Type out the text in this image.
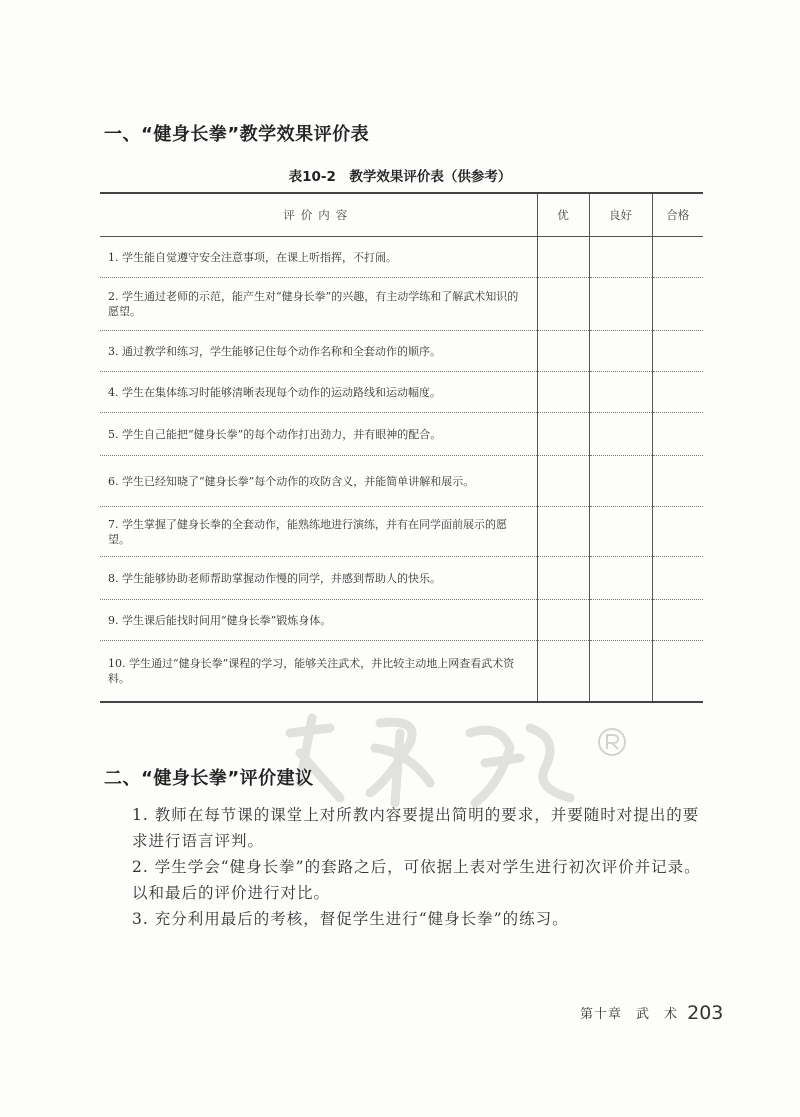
一、“健身长拳”教学效果评价表
表10-2　教学效果评价表（供参考）
评价内容	优	良好	合格
1. 学生能自觉遵守安全注意事项，在课上听指挥，不打闹。			
2. 学生通过老师的示范，能产生对“健身长拳”的兴趣，有主动学练和了解武术知识的愿望。			
3. 通过教学和练习，学生能够记住每个动作名称和全套动作的顺序。			
4. 学生在集体练习时能够清晰表现每个动作的运动路线和运动幅度。			
5. 学生自己能把“健身长拳”的每个动作打出劲力，并有眼神的配合。			
6. 学生已经知晓了“健身长拳”每个动作的攻防含义，并能简单讲解和展示。			
7. 学生掌握了健身长拳的全套动作，能熟练地进行演练，并有在同学面前展示的愿望。			
8. 学生能够协助老师帮助掌握动作慢的同学，并感到帮助人的快乐。			
9. 学生课后能找时间用“健身长拳”锻炼身体。			
10. 学生通过“健身长拳”课程的学习，能够关注武术，并比较主动地上网查看武术资料。			
二、“健身长拳”评价建议
1. 教师在每节课的课堂上对所教内容要提出简明的要求，并要随时对提出的要求进行语言评判。
2. 学生学会“健身长拳”的套路之后，可依据上表对学生进行初次评价并记录。以和最后的评价进行对比。
3. 充分利用最后的考核，督促学生进行“健身长拳”的练习。
第十章　武　术 203
